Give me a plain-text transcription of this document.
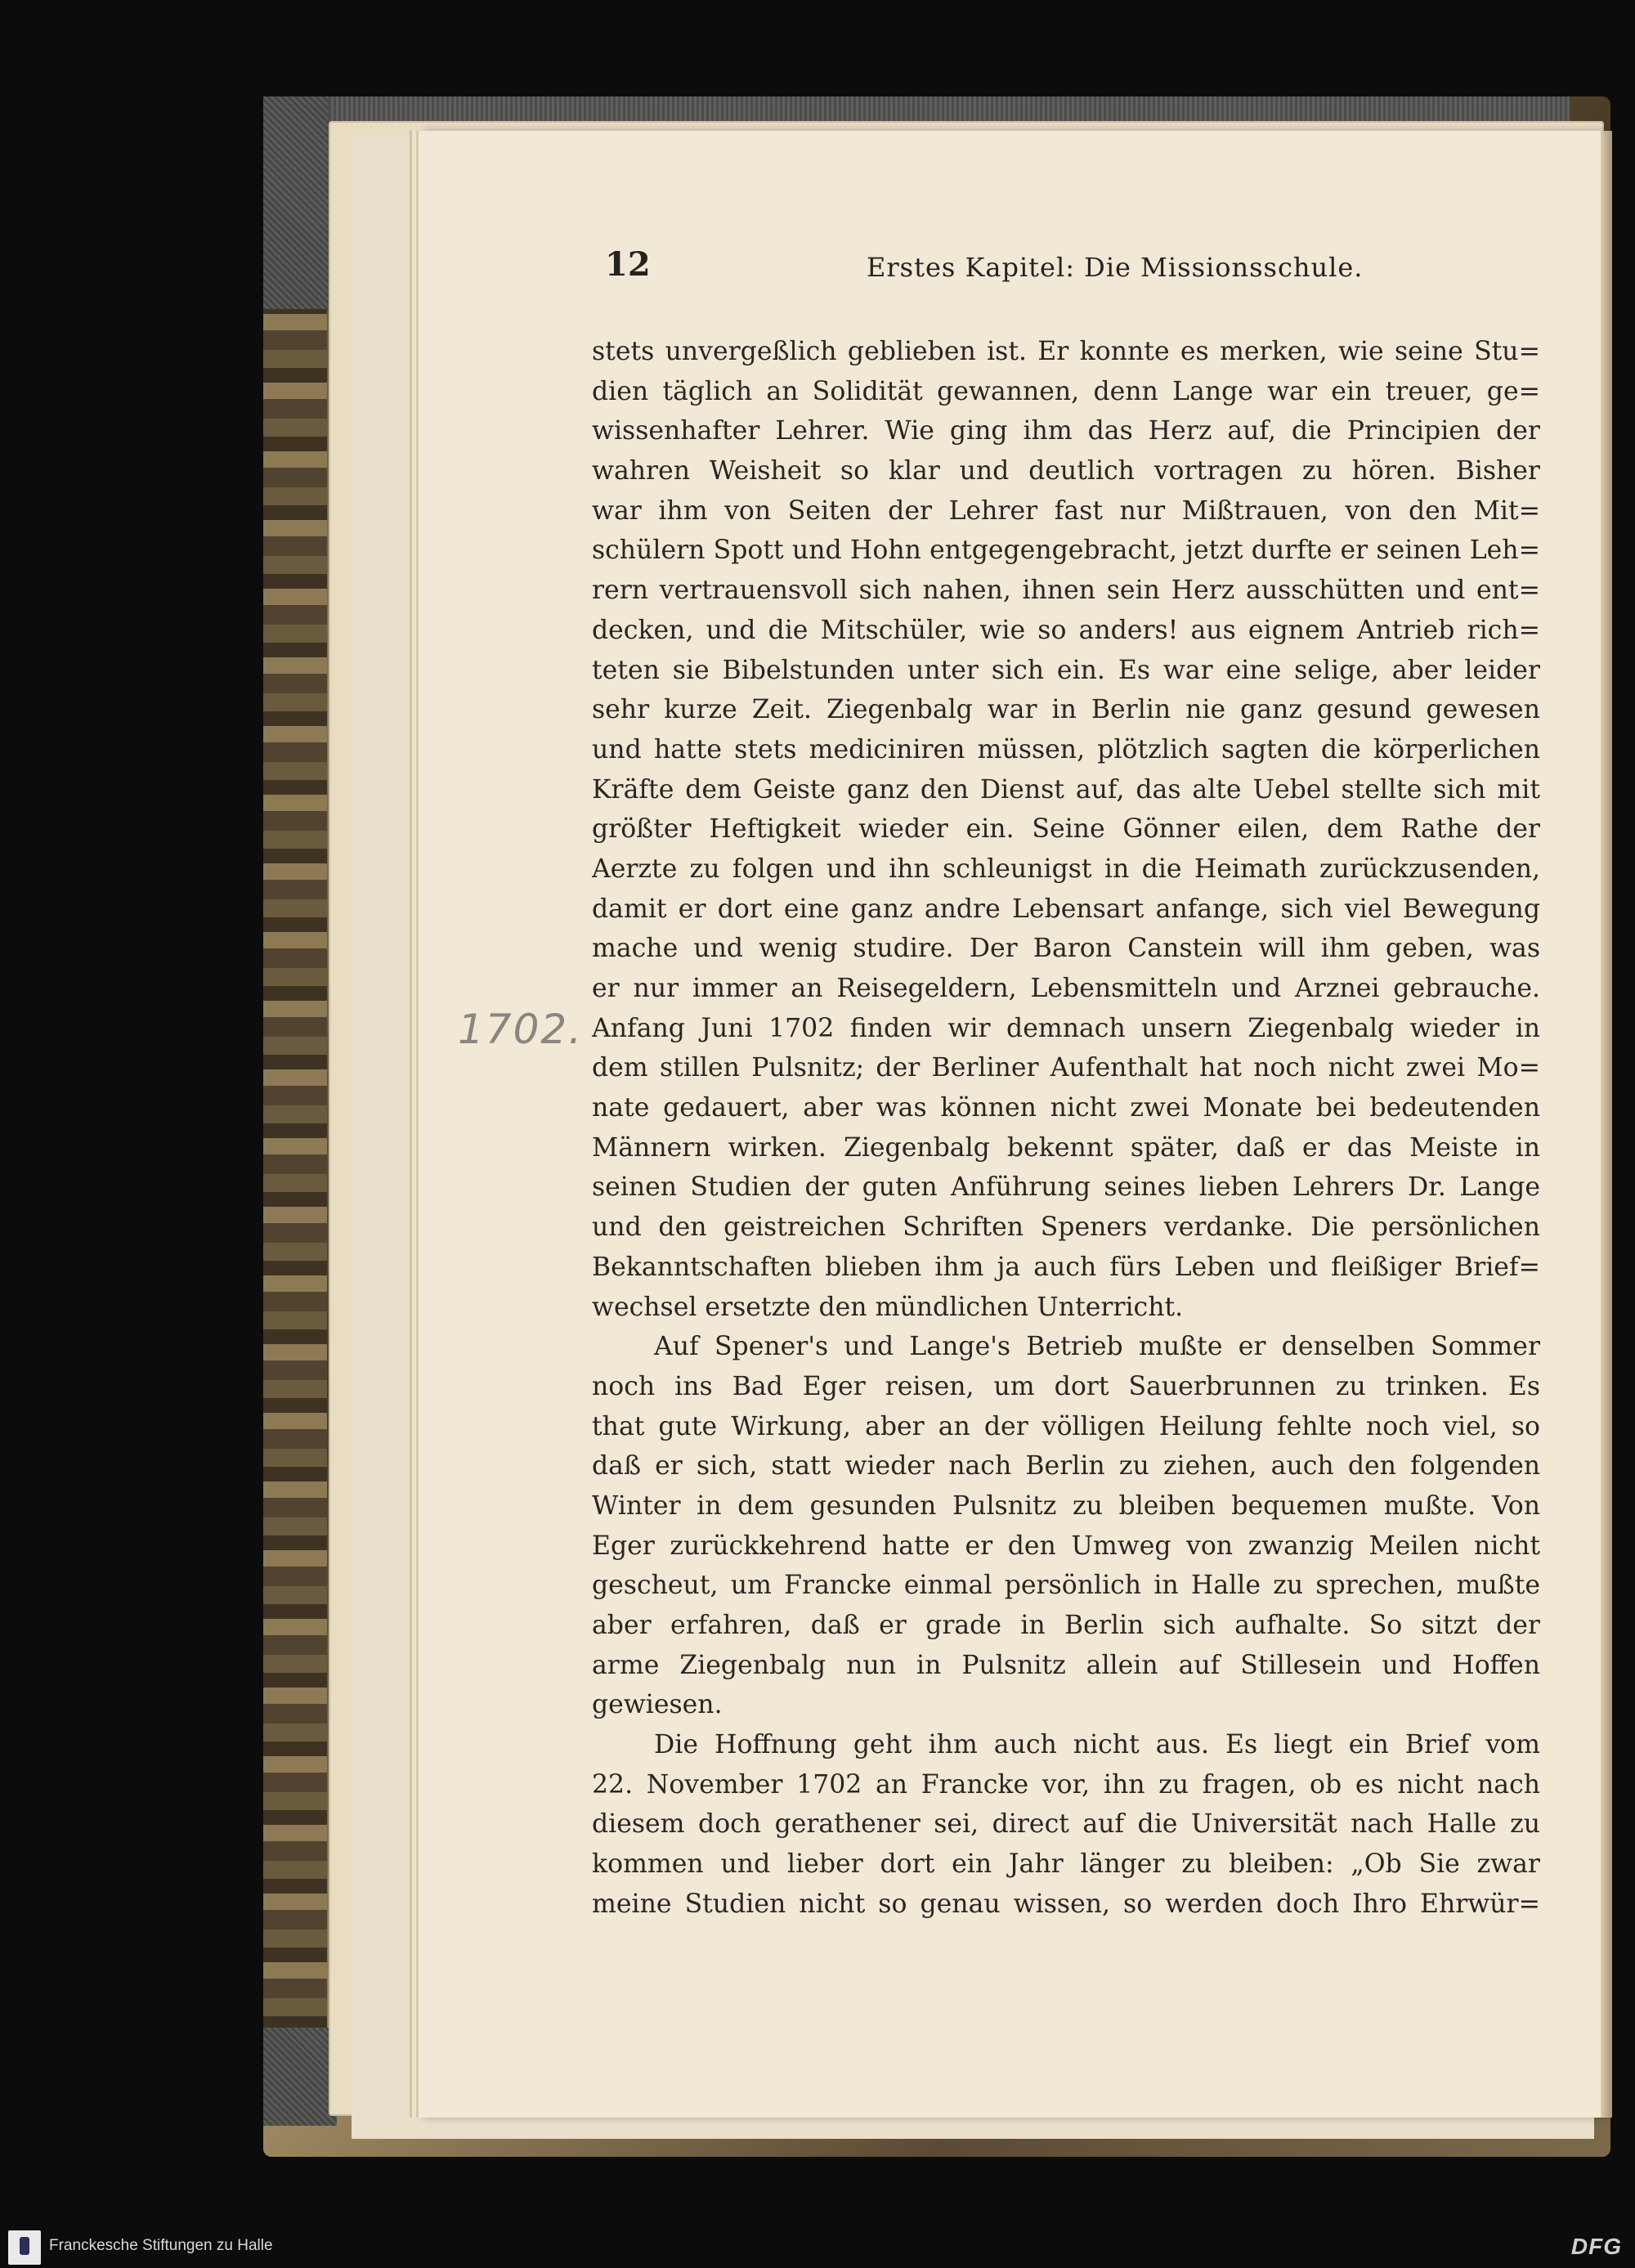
12	Erstes Kapitel: Die Missionsschule.
1702.
stets unvergeßlich geblieben ist. Er konnte es merken, wie seine Stu=
dien täglich an Solidität gewannen, denn Lange war ein treuer, ge=
wissenhafter Lehrer. Wie ging ihm das Herz auf, die Principien der
wahren Weisheit so klar und deutlich vortragen zu hören. Bisher
war ihm von Seiten der Lehrer fast nur Mißtrauen, von den Mit=
schülern Spott und Hohn entgegengebracht, jetzt durfte er seinen Leh=
rern vertrauensvoll sich nahen, ihnen sein Herz ausschütten und ent=
decken, und die Mitschüler, wie so anders! aus eignem Antrieb rich=
teten sie Bibelstunden unter sich ein. Es war eine selige, aber leider
sehr kurze Zeit. Ziegenbalg war in Berlin nie ganz gesund gewesen
und hatte stets mediciniren müssen, plötzlich sagten die körperlichen
Kräfte dem Geiste ganz den Dienst auf, das alte Uebel stellte sich mit
größter Heftigkeit wieder ein. Seine Gönner eilen, dem Rathe der
Aerzte zu folgen und ihn schleunigst in die Heimath zurückzusenden,
damit er dort eine ganz andre Lebensart anfange, sich viel Bewegung
mache und wenig studire. Der Baron Canstein will ihm geben, was
er nur immer an Reisegeldern, Lebensmitteln und Arznei gebrauche.
Anfang Juni 1702 finden wir demnach unsern Ziegenbalg wieder in
dem stillen Pulsnitz; der Berliner Aufenthalt hat noch nicht zwei Mo=
nate gedauert, aber was können nicht zwei Monate bei bedeutenden
Männern wirken. Ziegenbalg bekennt später, daß er das Meiste in
seinen Studien der guten Anführung seines lieben Lehrers Dr. Lange
und den geistreichen Schriften Speners verdanke. Die persönlichen
Bekanntschaften blieben ihm ja auch fürs Leben und fleißiger Brief=
wechsel ersetzte den mündlichen Unterricht.
Auf Spener's und Lange's Betrieb mußte er denselben Sommer
noch ins Bad Eger reisen, um dort Sauerbrunnen zu trinken. Es
that gute Wirkung, aber an der völligen Heilung fehlte noch viel, so
daß er sich, statt wieder nach Berlin zu ziehen, auch den folgenden
Winter in dem gesunden Pulsnitz zu bleiben bequemen mußte. Von
Eger zurückkehrend hatte er den Umweg von zwanzig Meilen nicht
gescheut, um Francke einmal persönlich in Halle zu sprechen, mußte
aber erfahren, daß er grade in Berlin sich aufhalte. So sitzt der
arme Ziegenbalg nun in Pulsnitz allein auf Stillesein und Hoffen
gewiesen.
Die Hoffnung geht ihm auch nicht aus. Es liegt ein Brief vom
22. November 1702 an Francke vor, ihn zu fragen, ob es nicht nach
diesem doch gerathener sei, direct auf die Universität nach Halle zu
kommen und lieber dort ein Jahr länger zu bleiben: „Ob Sie zwar
meine Studien nicht so genau wissen, so werden doch Ihro Ehrwür=
Franckesche Stiftungen zu Halle	DFG
